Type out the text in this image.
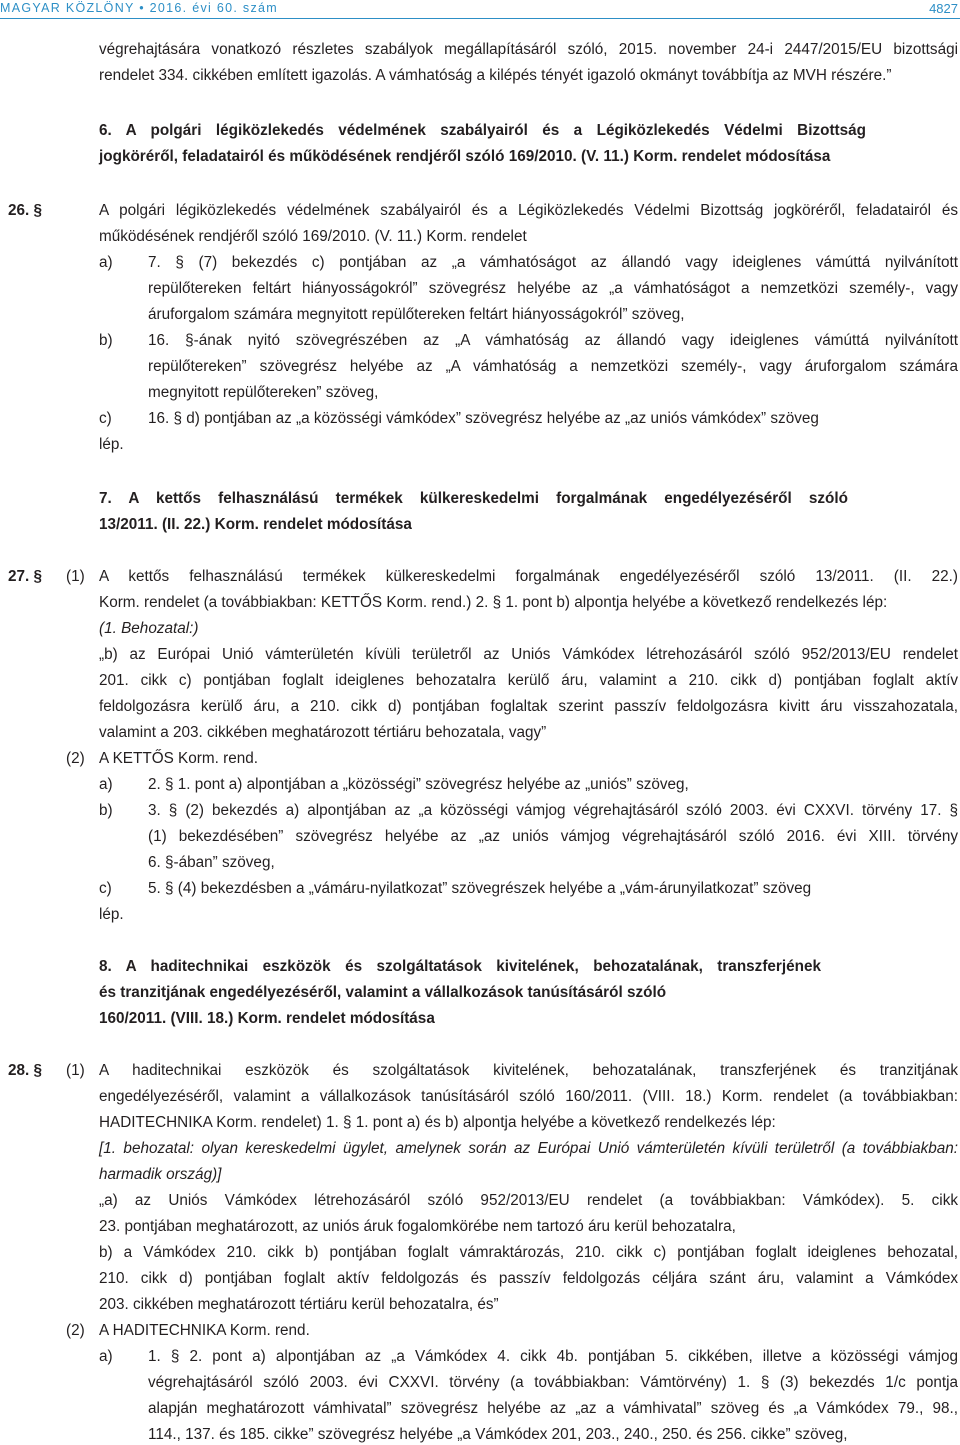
MAGYAR KÖZLÖNY • 2016. évi 60. szám	4827
végrehajtására vonatkozó részletes szabályok megállapításáról szóló, 2015. november 24-i 2447/2015/EU bizottsági
rendelet 334. cikkében említett igazolás. A vámhatóság a kilépés tényét igazoló okmányt továbbítja az MVH részére.”
6. A polgári légiközlekedés védelmének szabályairól és a Légiközlekedés Védelmi Bizottság
jogköréről, feladatairól és működésének rendjéről szóló 169/2010. (V. 11.) Korm. rendelet módosítása
26. §	A polgári légiközlekedés védelmének szabályairól és a Légiközlekedés Védelmi Bizottság jogköréről, feladatairól és
működésének rendjéről szóló 169/2010. (V. 11.) Korm. rendelet
a) 7. § (7) bekezdés c) pontjában az „a vámhatóságot az állandó vagy ideiglenes vámúttá nyilvánított
repülőtereken feltárt hiányosságokról” szövegrész helyébe az „a vámhatóságot a nemzetközi személy-, vagy
áruforgalom számára megnyitott repülőtereken feltárt hiányosságokról” szöveg,
b) 16. §-ának nyitó szövegrészében az „A vámhatóság az állandó vagy ideiglenes vámúttá nyilvánított
repülőtereken” szövegrész helyébe az „A vámhatóság a nemzetközi személy-, vagy áruforgalom számára
megnyitott repülőtereken” szöveg,
c) 16. § d) pontjában az „a közösségi vámkódex” szövegrész helyébe az „az uniós vámkódex” szöveg
lép.
7. A kettős felhasználású termékek külkereskedelmi forgalmának engedélyezéséről szóló
13/2011. (II. 22.) Korm. rendelet módosítása
27. § (1) A kettős felhasználású termékek külkereskedelmi forgalmának engedélyezéséről szóló 13/2011. (II. 22.)
Korm. rendelet (a továbbiakban: KETTŐS Korm. rend.) 2. § 1. pont b) alpontja helyébe a következő rendelkezés lép:
(1. Behozatal:)
„b) az Európai Unió vámterületén kívüli területről az Uniós Vámkódex létrehozásáról szóló 952/2013/EU rendelet
201. cikk c) pontjában foglalt ideiglenes behozatalra kerülő áru, valamint a 210. cikk d) pontjában foglalt aktív
feldolgozásra kerülő áru, a 210. cikk d) pontjában foglaltak szerint passzív feldolgozásra kivitt áru visszahozatala,
valamint a 203. cikkében meghatározott tértiáru behozatala, vagy”
(2) A KETTŐS Korm. rend.
a) 2. § 1. pont a) alpontjában a „közösségi” szövegrész helyébe az „uniós” szöveg,
b) 3. § (2) bekezdés a) alpontjában az „a közösségi vámjog végrehajtásáról szóló 2003. évi CXXVI. törvény 17. §
(1) bekezdésében” szövegrész helyébe az „az uniós vámjog végrehajtásáról szóló 2016. évi XIII. törvény
6. §-ában” szöveg,
c) 5. § (4) bekezdésben a „vámáru-nyilatkozat” szövegrészek helyébe a „vám-árunyilatkozat” szöveg
lép.
8. A haditechnikai eszközök és szolgáltatások kivitelének, behozatalának, transzferjének
és tranzitjának engedélyezéséről, valamint a vállalkozások tanúsításáról szóló
160/2011. (VIII. 18.) Korm. rendelet módosítása
28. § (1) A haditechnikai eszközök és szolgáltatások kivitelének, behozatalának, transzferjének és tranzitjának
engedélyezéséről, valamint a vállalkozások tanúsításáról szóló 160/2011. (VIII. 18.) Korm. rendelet (a továbbiakban:
HADITECHNIKA Korm. rendelet) 1. § 1. pont a) és b) alpontja helyébe a következő rendelkezés lép:
[1. behozatal: olyan kereskedelmi ügylet, amelynek során az Európai Unió vámterületén kívüli területről (a továbbiakban:
harmadik ország)]
„a) az Uniós Vámkódex létrehozásáról szóló 952/2013/EU rendelet (a továbbiakban: Vámkódex). 5. cikk
23. pontjában meghatározott, az uniós áruk fogalomkörébe nem tartozó áru kerül behozatalra,
b) a Vámkódex 210. cikk b) pontjában foglalt vámraktározás, 210. cikk c) pontjában foglalt ideiglenes behozatal,
210. cikk d) pontjában foglalt aktív feldolgozás és passzív feldolgozás céljára szánt áru, valamint a Vámkódex
203. cikkében meghatározott tértiáru kerül behozatalra, és”
(2) A HADITECHNIKA Korm. rend.
a) 1. § 2. pont a) alpontjában az „a Vámkódex 4. cikk 4b. pontjában 5. cikkében, illetve a közösségi vámjog
végrehajtásáról szóló 2003. évi CXXVI. törvény (a továbbiakban: Vámtörvény) 1. § (3) bekezdés 1/c pontja
alapján meghatározott vámhivatal” szövegrész helyébe az „az a vámhivatal” szöveg és „a Vámkódex 79., 98.,
114., 137. és 185. cikke” szövegrész helyébe „a Vámkódex 201, 203., 240., 250. és 256. cikke” szöveg,
